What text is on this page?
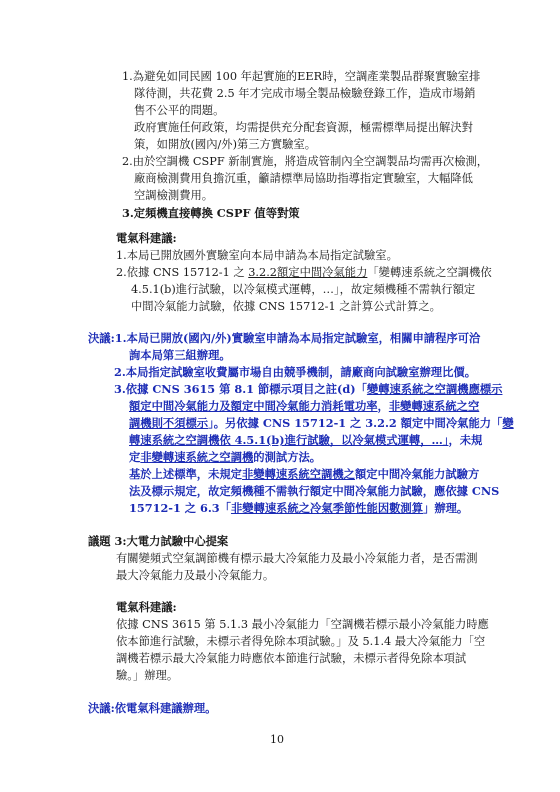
1.為避免如同民國 100 年起實施的EER時，空調產業製品群聚實驗室排
隊待測，共花費 2.5 年才完成市場全製品檢驗登錄工作，造成市場銷
售不公平的問題。
政府實施任何政策，均需提供充分配套資源，極需標準局提出解決對
策，如開放(國內/外)第三方實驗室。
2.由於空調機 CSPF 新制實施，將造成管制內全空調製品均需再次檢測，
廠商檢測費用負擔沉重，籲請標準局協助指導指定實驗室，大幅降低
空調檢測費用。
3.定頻機直接轉換 CSPF 值等對策
電氣科建議:
1.本局已開放國外實驗室向本局申請為本局指定試驗室。
2.依據 CNS 15712-1 之 3.2.2額定中間冷氣能力「變轉速系統之空調機依
4.5.1(b)進行試驗，以冷氣模式運轉，…」，故定頻機種不需執行額定
中間冷氣能力試驗，依據 CNS 15712-1 之計算公式計算之。
決議:1.本局已開放(國內/外)實驗室申請為本局指定試驗室，相關申請程序可洽
詢本局第三組辦理。
2.本局指定試驗室收費屬市場自由競爭機制，請廠商向試驗室辦理比價。
3.依據 CNS 3615 第 8.1 節標示項目之註(d)「變轉速系統之空調機應標示
額定中間冷氣能力及額定中間冷氣能力消耗電功率，非變轉速系統之空
調機則不須標示」。另依據 CNS 15712-1 之 3.2.2 額定中間冷氣能力「變
轉速系統之空調機依 4.5.1(b)進行試驗，以冷氣模式運轉，…」，未規
定非變轉速系統之空調機的測試方法。
基於上述標準，未規定非變轉速系統空調機之額定中間冷氣能力試驗方
法及標示規定，故定頻機種不需執行額定中間冷氣能力試驗，應依據 CNS
15712-1 之 6.3「非變轉速系統之冷氣季節性能因數測算」辦理。
議題 3:大電力試驗中心提案
有關變頻式空氣調節機有標示最大冷氣能力及最小冷氣能力者，是否需測
最大冷氣能力及最小冷氣能力。
電氣科建議:
依據 CNS 3615 第 5.1.3 最小冷氣能力「空調機若標示最小冷氣能力時應
依本節進行試驗，未標示者得免除本項試驗。」及 5.1.4 最大冷氣能力「空
調機若標示最大冷氣能力時應依本節進行試驗，未標示者得免除本項試
驗。」辦理。
決議:依電氣科建議辦理。
10
